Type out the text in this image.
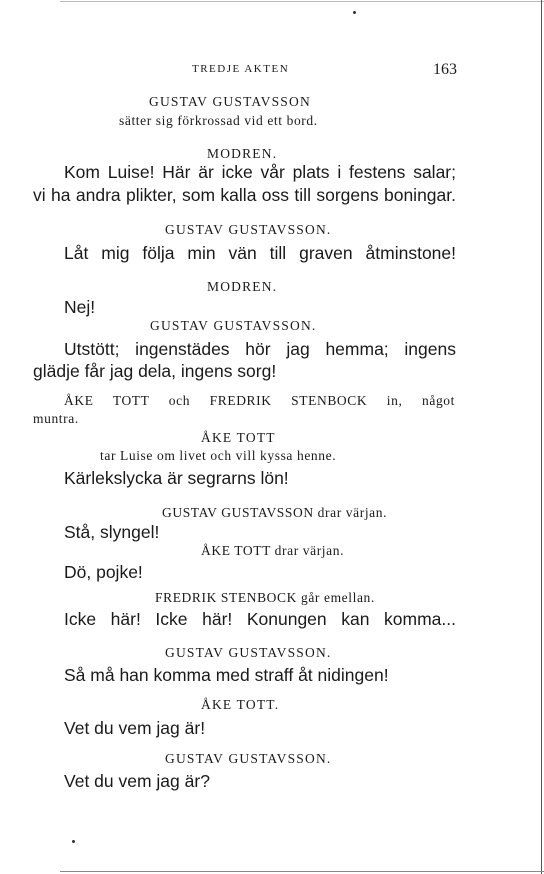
TREDJE AKTEN	163
GUSTAV GUSTAVSSON
sätter sig förkrossad vid ett bord.
MODREN.
Kom Luise! Här är icke vår plats i festens salar;
vi ha andra plikter, som kalla oss till sorgens boningar.
GUSTAV GUSTAVSSON.
Låt mig följa min vän till graven åtminstone!
MODREN.
Nej!
GUSTAV GUSTAVSSON.
Utstött; ingenstädes hör jag hemma; ingens
glädje får jag dela, ingens sorg!
ÅKE TOTT och FREDRIK STENBOCK in, något
muntra.
ÅKE TOTT
tar Luise om livet och vill kyssa henne.
Kärlekslycka är segrarns lön!
GUSTAV GUSTAVSSON drar värjan.
Stå, slyngel!
ÅKE TOTT drar värjan.
Dö, pojke!
FREDRIK STENBOCK går emellan.
Icke här! Icke här! Konungen kan komma...
GUSTAV GUSTAVSSON.
Så må han komma med straff åt nidingen!
ÅKE TOTT.
Vet du vem jag är!
GUSTAV GUSTAVSSON.
Vet du vem jag är?
